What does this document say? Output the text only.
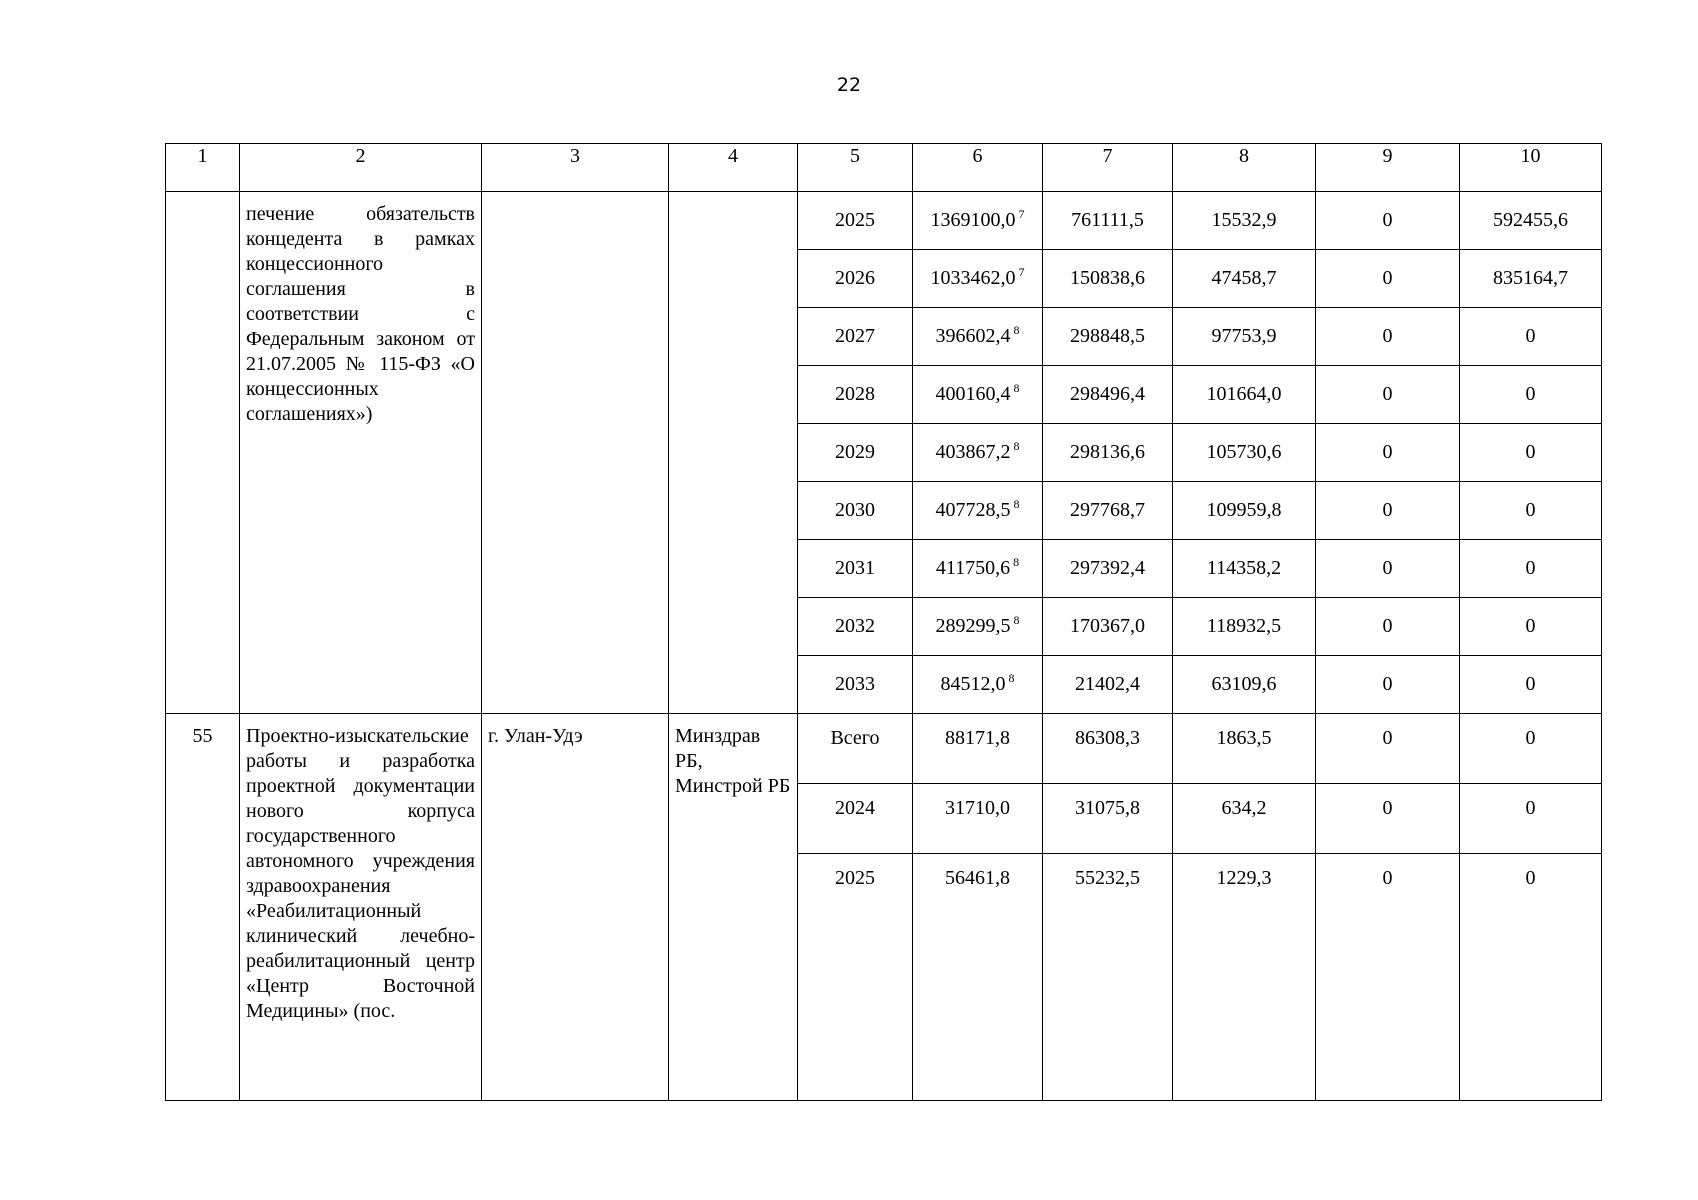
22
1	2	3	4	5	6	7	8	9	10

	печение обязательств концедента в рамках концессионного соглашения в соответствии с Федеральным законом от 21.07.2005 № 115-ФЗ «О концессионных соглашениях»)			2025	1369100,0 $^7$	761111,5	15532,9	0	592455,6
				2026	1033462,0 $^7$	150838,6	47458,7	0	835164,7
				2027	396602,4 $^8$	298848,5	97753,9	0	0
				2028	400160,4 $^8$	298496,4	101664,0	0	0
				2029	403867,2 $^8$	298136,6	105730,6	0	0
				2030	407728,5 $^8$	297768,7	109959,8	0	0
				2031	411750,6 $^8$	297392,4	114358,2	0	0
				2032	289299,5 $^8$	170367,0	118932,5	0	0
				2033	84512,0 $^8$	21402,4	63109,6	0	0

55	Проектно-изыскательские работы и разработка проектной документации нового корпуса государственного автономного учреждения здравоохранения «Реабилитационный клинический лечебно-реабилитационный центр «Центр Восточной Медицины» (пос.	г. Улан-Удэ	Минздрав РБ, Минстрой РБ	Всего	88171,8	86308,3	1863,5	0	0
				2024	31710,0	31075,8	634,2	0	0
				2025	56461,8	55232,5	1229,3	0	0
